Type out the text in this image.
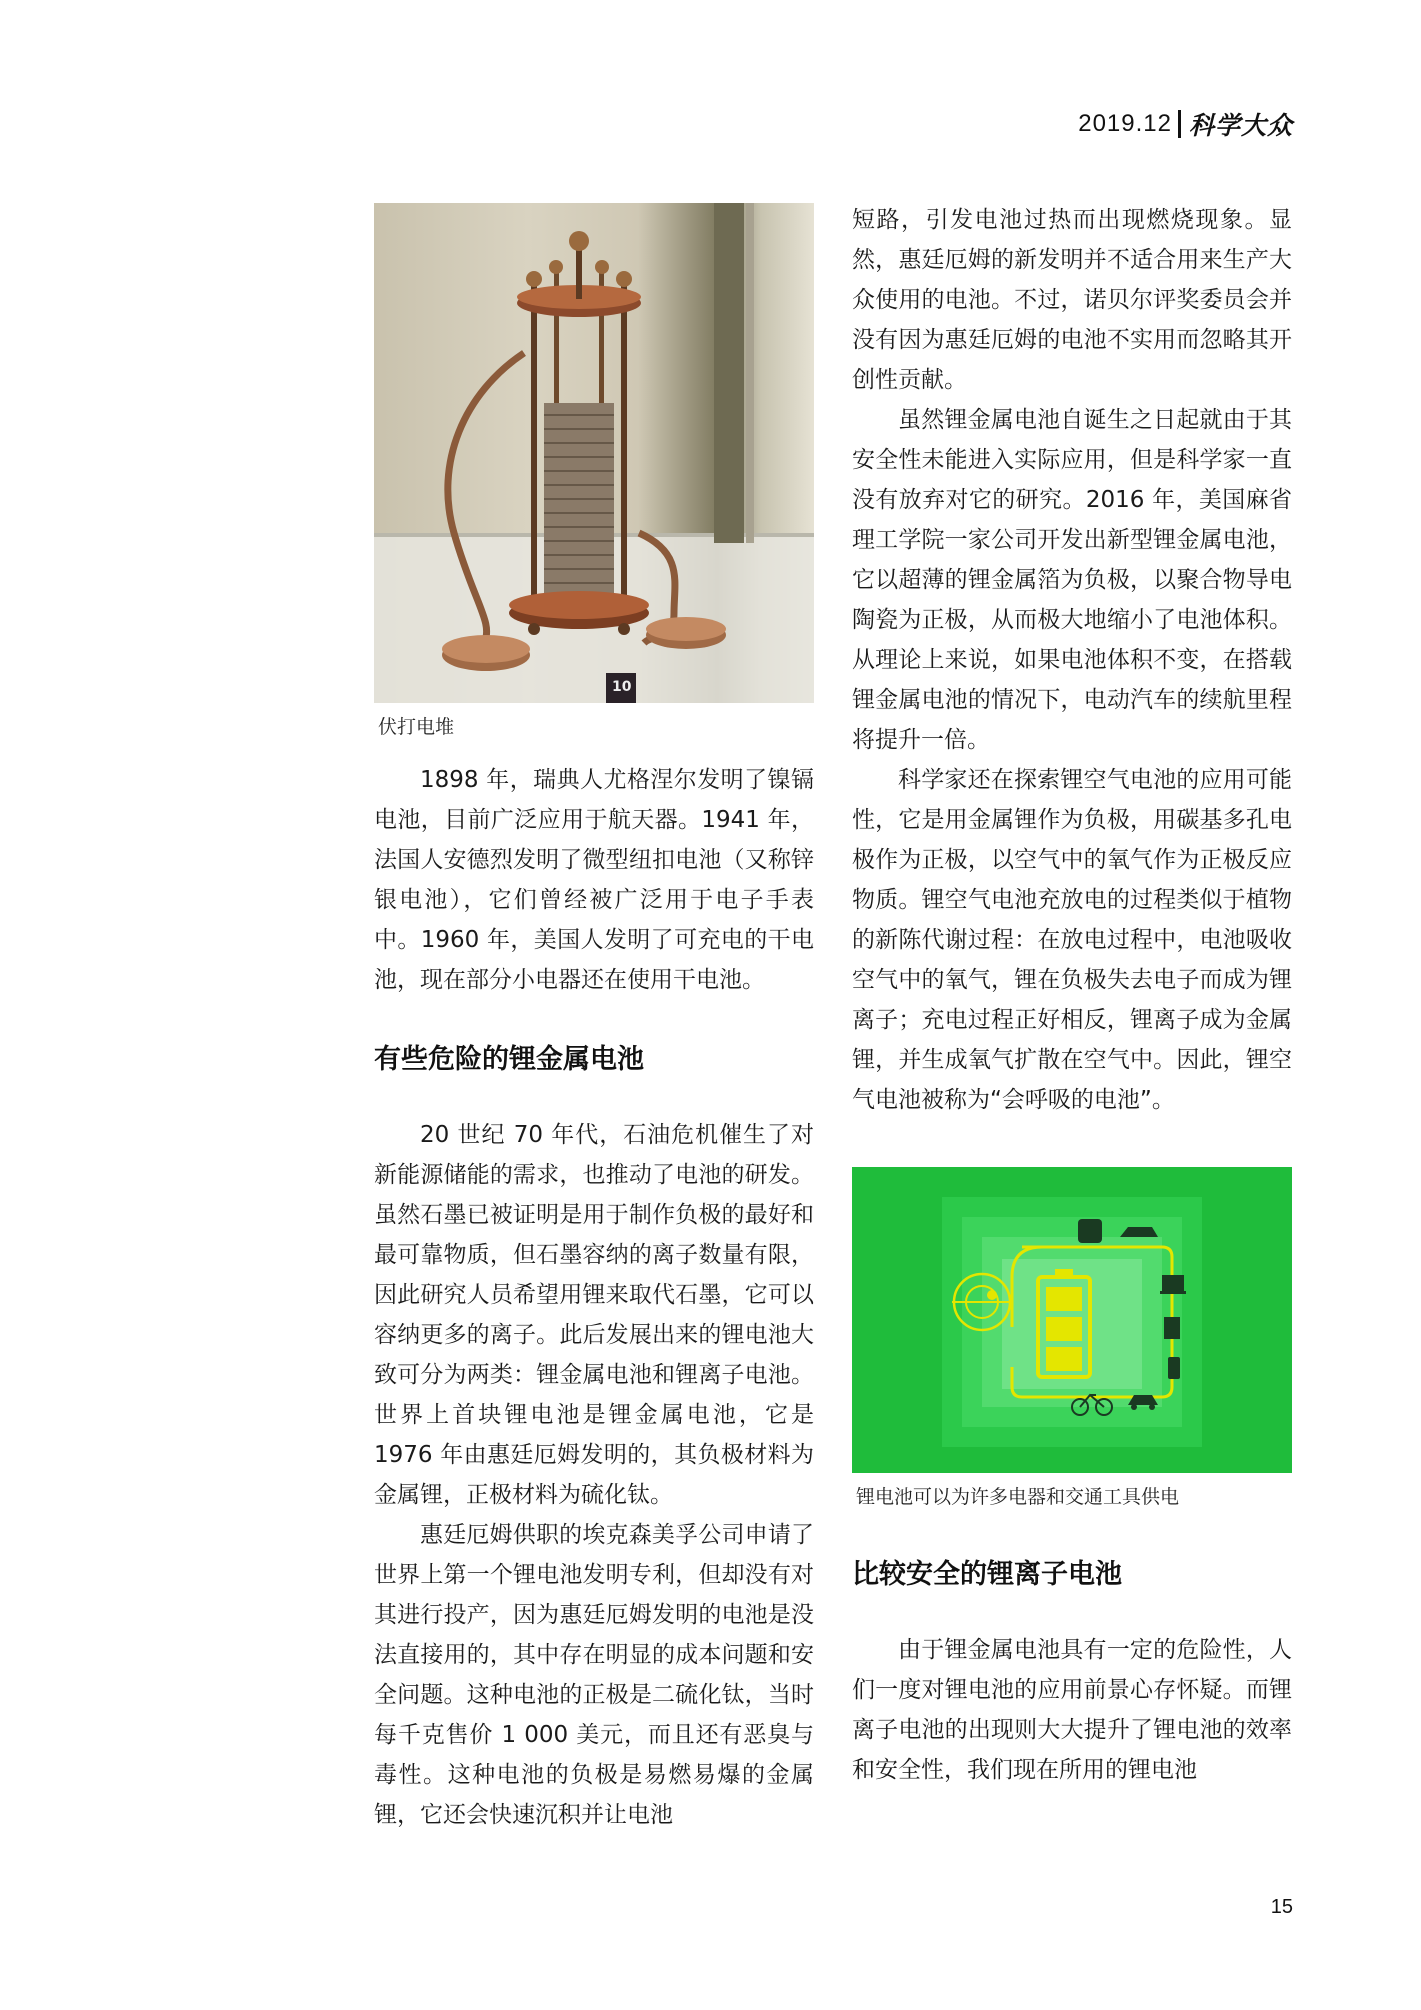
2019.12 科学大众
10
伏打电堆

1898 年，瑞典人尤格涅尔发明了镍镉电池，目前广泛应用于航天器。1941 年，法国人安德烈发明了微型纽扣电池（又称锌银电池），它们曾经被广泛用于电子手表中。1960 年，美国人发明了可充电的干电池，现在部分小电器还在使用干电池。

有些危险的锂金属电池

20 世纪 70 年代，石油危机催生了对新能源储能的需求，也推动了电池的研发。虽然石墨已被证明是用于制作负极的最好和最可靠物质，但石墨容纳的离子数量有限，因此研究人员希望用锂来取代石墨，它可以容纳更多的离子。此后发展出来的锂电池大致可分为两类：锂金属电池和锂离子电池。世界上首块锂电池是锂金属电池，它是 1976 年由惠廷厄姆发明的，其负极材料为金属锂，正极材料为硫化钛。

惠廷厄姆供职的埃克森美孚公司申请了世界上第一个锂电池发明专利，但却没有对其进行投产，因为惠廷厄姆发明的电池是没法直接用的，其中存在明显的成本问题和安全问题。这种电池的正极是二硫化钛，当时每千克售价 1 000 美元，而且还有恶臭与毒性。这种电池的负极是易燃易爆的金属锂，它还会快速沉积并让电池

短路，引发电池过热而出现燃烧现象。显然，惠廷厄姆的新发明并不适合用来生产大众使用的电池。不过，诺贝尔评奖委员会并没有因为惠廷厄姆的电池不实用而忽略其开创性贡献。

虽然锂金属电池自诞生之日起就由于其安全性未能进入实际应用，但是科学家一直没有放弃对它的研究。2016 年，美国麻省理工学院一家公司开发出新型锂金属电池，它以超薄的锂金属箔为负极，以聚合物导电陶瓷为正极，从而极大地缩小了电池体积。从理论上来说，如果电池体积不变，在搭载锂金属电池的情况下，电动汽车的续航里程将提升一倍。

科学家还在探索锂空气电池的应用可能性，它是用金属锂作为负极，用碳基多孔电极作为正极，以空气中的氧气作为正极反应物质。锂空气电池充放电的过程类似于植物的新陈代谢过程：在放电过程中，电池吸收空气中的氧气，锂在负极失去电子而成为锂离子；充电过程正好相反，锂离子成为金属锂，并生成氧气扩散在空气中。因此，锂空气电池被称为“会呼吸的电池”。

锂电池可以为许多电器和交通工具供电
比较安全的锂离子电池

由于锂金属电池具有一定的危险性，人们一度对锂电池的应用前景心存怀疑。而锂离子电池的出现则大大提升了锂电池的效率和安全性，我们现在所用的锂电池

15
